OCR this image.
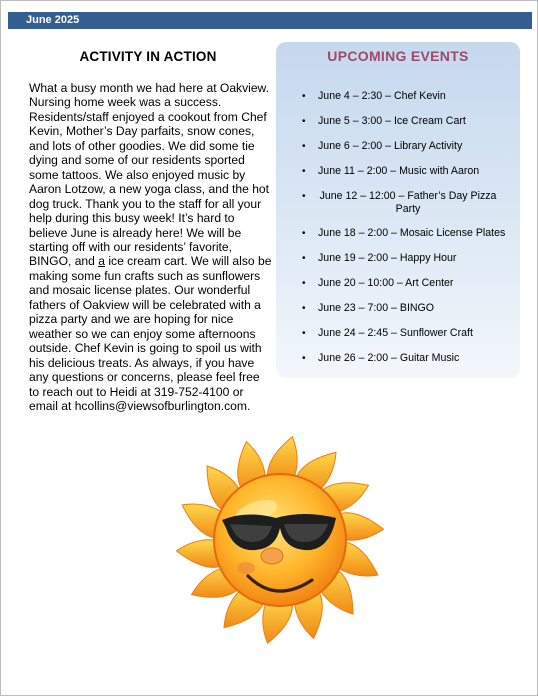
June 2025
ACTIVITY IN ACTION
What a busy month we had here at Oakview. Nursing home week was a success. Residents/staff enjoyed a cookout from Chef Kevin, Mother’s Day parfaits, snow cones, and lots of other goodies. We did some tie dying and some of our residents sported some tattoos. We also enjoyed music by Aaron Lotzow, a new yoga class, and the hot dog truck. Thank you to the staff for all your help during this busy week! It’s hard to believe June is already here! We will be starting off with our residents’ favorite, BINGO, and a ice cream cart. We will also be making some fun crafts such as sunflowers and mosaic license plates. Our wonderful fathers of Oakview will be celebrated with a pizza party and we are hoping for nice weather so we can enjoy some afternoons outside. Chef Kevin is going to spoil us with his delicious treats. As always, if you have any questions or concerns, please feel free to reach out to Heidi at 319-752-4100 or email at hcollins@viewsofburlington.com.
UPCOMING EVENTS
• June 4 – 2:30 – Chef Kevin
• June 5 – 3:00 – Ice Cream Cart
• June 6 – 2:00 – Library Activity
• June 11 – 2:00 – Music with Aaron
• June 12 – 12:00 – Father’s Day Pizza Party
• June 18 – 2:00 – Mosaic License Plates
• June 19 – 2:00 – Happy Hour
• June 20 – 10:00 – Art Center
• June 23 – 7:00 – BINGO
• June 24 – 2:45 – Sunflower Craft
• June 26 – 2:00 – Guitar Music
